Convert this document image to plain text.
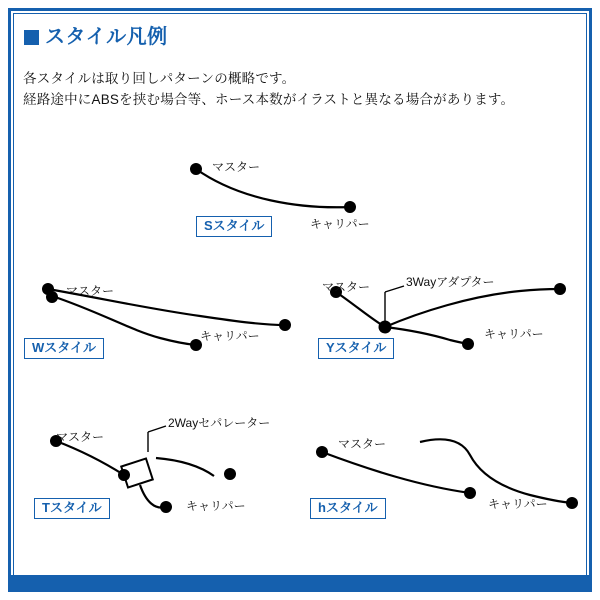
スタイル凡例
各スタイルは取り回しパターンの概略です。
経路途中にABSを挟む場合等、ホース本数がイラストと異なる場合があります。
マスター
キャリパー
Sスタイル
マスター
キャリパー
Wスタイル
マスター	3Wayアダプター
キャリパー
Yスタイル
マスター
2Wayセパレーター
キャリパー
Tスタイル
マスター
キャリパー
hスタイル
